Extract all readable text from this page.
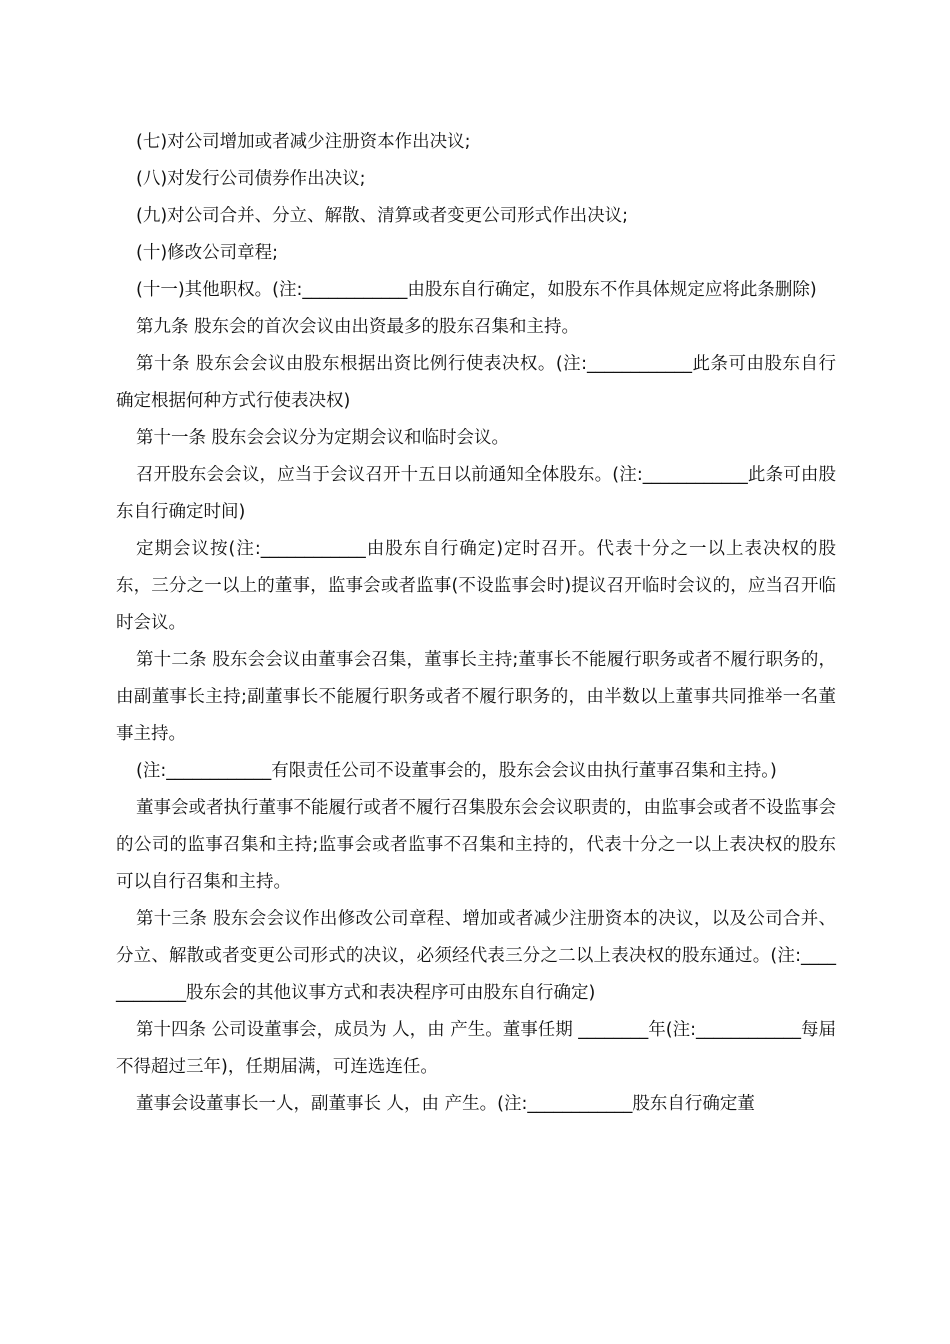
(七)对公司增加或者减少注册资本作出决议;

(八)对发行公司债券作出决议;

(九)对公司合并、分立、解散、清算或者变更公司形式作出决议;

(十)修改公司章程;

(十一)其他职权。(注:____________由股东自行确定，如股东不作具体规定应将此条删除)

第九条 股东会的首次会议由出资最多的股东召集和主持。

第十条 股东会会议由股东根据出资比例行使表决权。(注:____________此条可由股东自行确定根据何种方式行使表决权)

第十一条 股东会会议分为定期会议和临时会议。

召开股东会会议，应当于会议召开十五日以前通知全体股东。(注:____________此条可由股东自行确定时间)

定期会议按(注:____________由股东自行确定)定时召开。代表十分之一以上表决权的股东，三分之一以上的董事，监事会或者监事(不设监事会时)提议召开临时会议的，应当召开临时会议。

第十二条 股东会会议由董事会召集，董事长主持;董事长不能履行职务或者不履行职务的，由副董事长主持;副董事长不能履行职务或者不履行职务的，由半数以上董事共同推举一名董事主持。

(注:____________有限责任公司不设董事会的，股东会会议由执行董事召集和主持。)

董事会或者执行董事不能履行或者不履行召集股东会会议职责的，由监事会或者不设监事会的公司的监事召集和主持;监事会或者监事不召集和主持的，代表十分之一以上表决权的股东可以自行召集和主持。

第十三条 股东会会议作出修改公司章程、增加或者减少注册资本的决议，以及公司合并、分立、解散或者变更公司形式的决议，必须经代表三分之二以上表决权的股东通过。(注:____________股东会的其他议事方式和表决程序可由股东自行确定)

第十四条 公司设董事会，成员为 人，由 产生。董事任期 ________年(注:____________每届不得超过三年)，任期届满，可连选连任。

董事会设董事长一人，副董事长 人，由 产生。(注:____________股东自行确定董
